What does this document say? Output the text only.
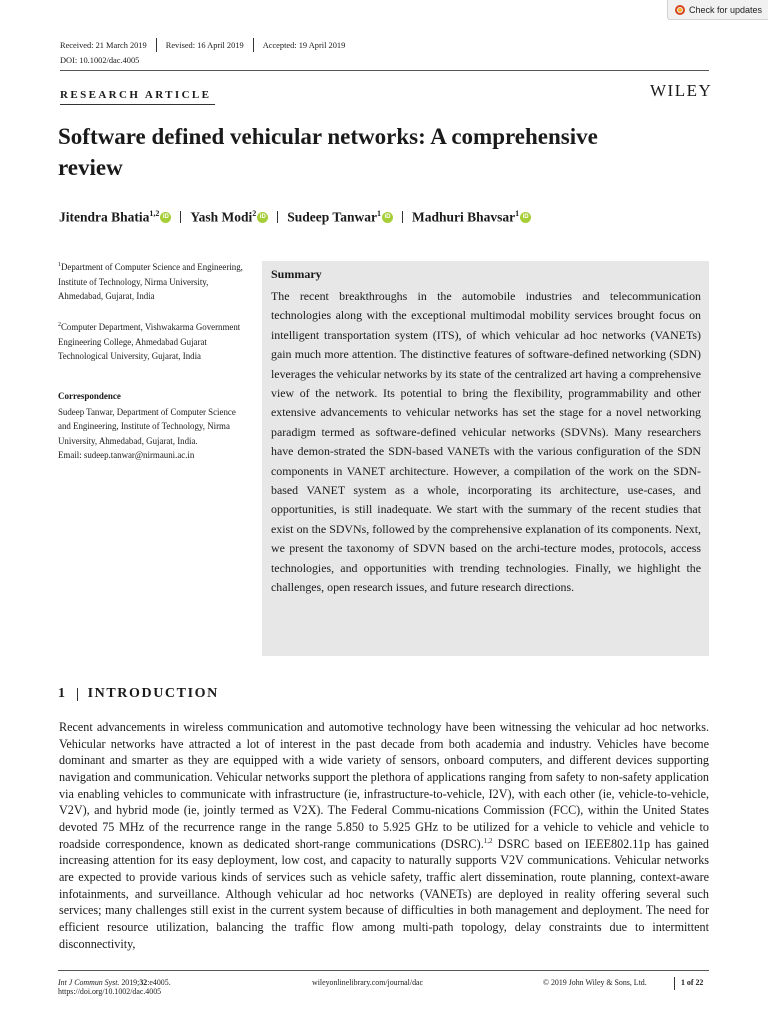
Check for updates
Received: 21 March 2019 Revised: 16 April 2019 Accepted: 19 April 2019
DOI: 10.1002/dac.4005
RESEARCH ARTICLE	WILEY
Software defined vehicular networks: A comprehensive
review
Jitendra Bhatia$^{1,2}$ iD Yash Modi$^2$ iD Sudeep Tanwar$^1$ iD Madhuri Bhavsar$^1$ iD
$^1$Department of Computer Science and Engineering, Institute of Technology, Nirma University, Ahmedabad, Gujarat, India
$^2$Computer Department, Vishwakarma Government Engineering College, Ahmedabad Gujarat Technological University, Gujarat, India
Correspondence
Sudeep Tanwar, Department of Computer Science and Engineering, Institute of Technology, Nirma University, Ahmedabad, Gujarat, India.
Email: sudeep.tanwar@nirmauni.ac.in
Summary
The recent breakthroughs in the automobile industries and telecommunication technologies along with the exceptional multimodal mobility services brought focus on intelligent transportation system (ITS), of which vehicular ad hoc networks (VANETs) gain much more attention. The distinctive features of software-defined networking (SDN) leverages the vehicular networks by its state of the centralized art having a comprehensive view of the network. Its potential to bring the flexibility, programmability and other extensive advancements to vehicular networks has set the stage for a novel networking paradigm termed as software-defined vehicular networks (SDVNs). Many researchers have demon-strated the SDN-based VANETs with the various configuration of the SDN components in VANET architecture. However, a compilation of the work on the SDN-based VANET system as a whole, incorporating its architecture, use-cases, and opportunities, is still inadequate. We start with the summary of the recent studies that exist on the SDVNs, followed by the comprehensive explanation of its components. Next, we present the taxonomy of SDVN based on the archi-tecture modes, protocols, access technologies, and opportunities with trending technologies. Finally, we highlight the challenges, open research issues, and future research directions.
1 INTRODUCTION
Recent advancements in wireless communication and automotive technology have been witnessing the vehicular ad hoc networks. Vehicular networks have attracted a lot of interest in the past decade from both academia and industry. Vehicles have become dominant and smarter as they are equipped with a wide variety of sensors, onboard computers, and different devices supporting navigation and communication. Vehicular networks support the plethora of applications ranging from safety to non-safety application via enabling vehicles to communicate with infrastructure (ie, infrastructure-to-vehicle, I2V), with each other (ie, vehicle-to-vehicle, V2V), and hybrid mode (ie, jointly termed as V2X). The Federal Commu-nications Commission (FCC), within the United States devoted 75 MHz of the recurrence range in the range 5.850 to 5.925 GHz to be utilized for a vehicle to vehicle and vehicle to roadside correspondence, known as dedicated short-range communications (DSRC).$^{1,2}$ DSRC based on IEEE802.11p has gained increasing attention for its easy deployment, low cost, and capacity to naturally supports V2V communications. Vehicular networks are expected to provide various kinds of services such as vehicle safety, traffic alert dissemination, route planning, context-aware infotainments, and surveillance. Although vehicular ad hoc networks (VANETs) are deployed in reality offering several such services; many challenges still exist in the current system because of difficulties in both management and deployment. The need for efficient resource utilization, balancing the traffic flow among multi-path topology, delay constraints due to intermittent disconnectivity,
Int J Commun Syst. 2019;32:e4005.
https://doi.org/10.1002/dac.4005
wileyonlinelibrary.com/journal/dac	© 2019 John Wiley & Sons, Ltd.	1 of 22
